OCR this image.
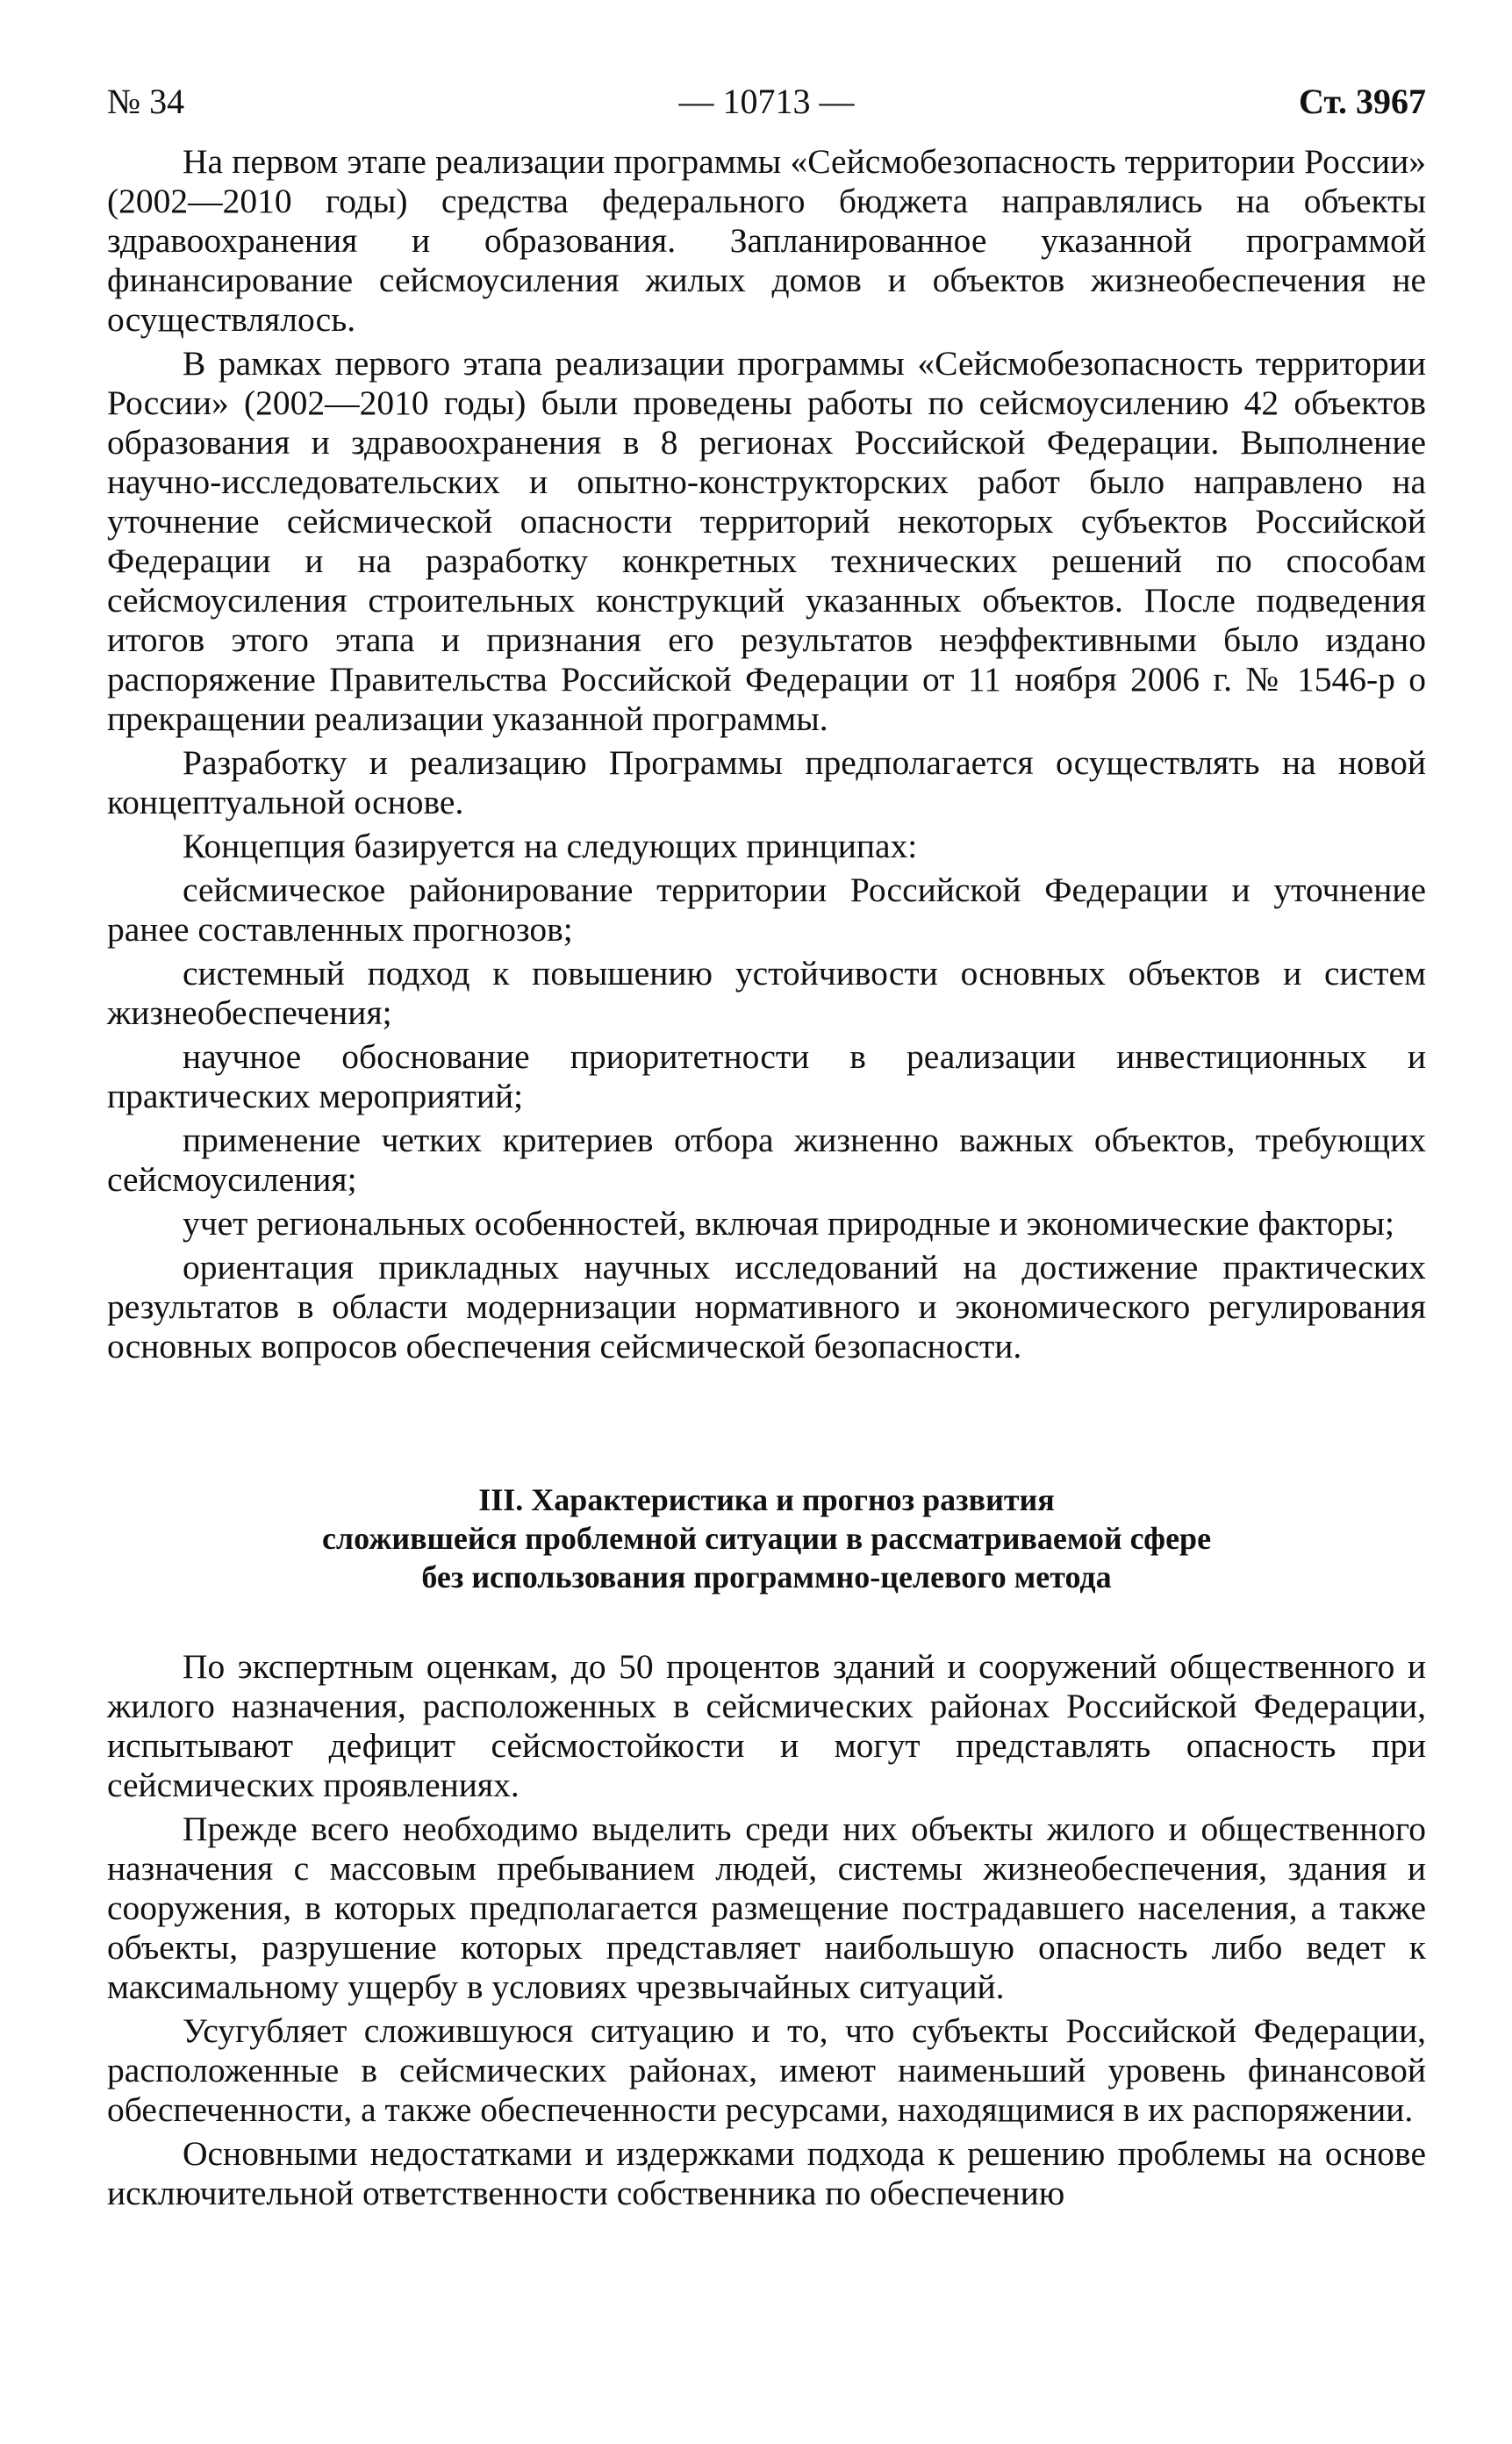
№ 34	— 10713 —	Ст. 3967

На первом этапе реализации программы «Сейсмобезопасность территории России» (2002—2010 годы) средства федерального бюджета направлялись на объекты здравоохранения и образования. Запланированное указанной программой финансирование сейсмоусиления жилых домов и объектов жизнеобеспечения не осуществлялось.

В рамках первого этапа реализации программы «Сейсмобезопасность территории России» (2002—2010 годы) были проведены работы по сейсмоусилению 42 объектов образования и здравоохранения в 8 регионах Российской Федерации. Выполнение научно-исследовательских и опытно-конструкторских работ было направлено на уточнение сейсмической опасности территорий некоторых субъектов Российской Федерации и на разработку конкретных технических решений по способам сейсмоусиления строительных конструкций указанных объектов. После подведения итогов этого этапа и признания его результатов неэффективными было издано распоряжение Правительства Российской Федерации от 11 ноября 2006 г. № 1546-р о прекращении реализации указанной программы.

Разработку и реализацию Программы предполагается осуществлять на новой концептуальной основе.

Концепция базируется на следующих принципах:

сейсмическое районирование территории Российской Федерации и уточнение ранее составленных прогнозов;

системный подход к повышению устойчивости основных объектов и систем жизнеобеспечения;

научное обоснование приоритетности в реализации инвестиционных и практических мероприятий;

применение четких критериев отбора жизненно важных объектов, требующих сейсмоусиления;

учет региональных особенностей, включая природные и экономические факторы;

ориентация прикладных научных исследований на достижение практических результатов в области модернизации нормативного и экономического регулирования основных вопросов обеспечения сейсмической безопасности.

III. Характеристика и прогноз развития
сложившейся проблемной ситуации в рассматриваемой сфере
без использования программно-целевого метода

По экспертным оценкам, до 50 процентов зданий и сооружений общественного и жилого назначения, расположенных в сейсмических районах Российской Федерации, испытывают дефицит сейсмостойкости и могут представлять опасность при сейсмических проявлениях.

Прежде всего необходимо выделить среди них объекты жилого и общественного назначения с массовым пребыванием людей, системы жизнеобеспечения, здания и сооружения, в которых предполагается размещение пострадавшего населения, а также объекты, разрушение которых представляет наибольшую опасность либо ведет к максимальному ущербу в условиях чрезвычайных ситуаций.

Усугубляет сложившуюся ситуацию и то, что субъекты Российской Федерации, расположенные в сейсмических районах, имеют наименьший уровень финансовой обеспеченности, а также обеспеченности ресурсами, находящимися в их распоряжении.

Основными недостатками и издержками подхода к решению проблемы на основе исключительной ответственности собственника по обеспечению
